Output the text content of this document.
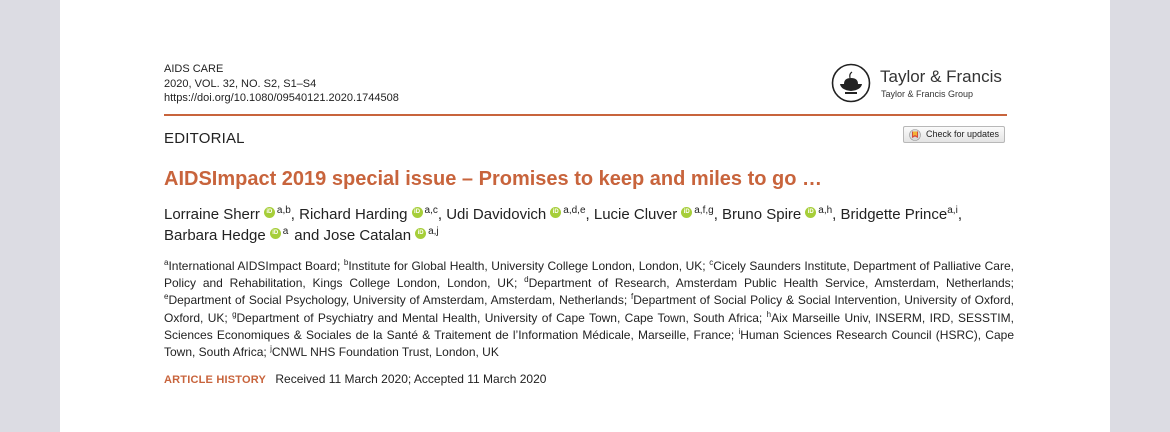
AIDS CARE
2020, VOL. 32, NO. S2, S1–S4
https://doi.org/10.1080/09540121.2020.1744508
Taylor & Francis
Taylor & Francis Group
EDITORIAL	Check for updates
AIDSImpact 2019 special issue – Promises to keep and miles to go …
Lorraine Sherr	iD $^{a,b}$, Richard Harding	iD $^{a,c}$, Udi Davidovich	iD $^{a,d,e}$, Lucie Cluver	iD $^{a,f,g}$, Bruno Spire	iD $^{a,h}$, Bridgette Prince$^{a,i}$, Barbara Hedge	iD $^a$ and Jose Catalan	iD $^{a,j}$
$^a$International AIDSImpact Board; $^b$Institute for Global Health, University College London, London, UK; $^c$Cicely Saunders Institute, Department of Palliative Care, Policy and Rehabilitation, Kings College London, London, UK; $^d$Department of Research, Amsterdam Public Health Service, Amsterdam, Netherlands; $^e$Department of Social Psychology, University of Amsterdam, Amsterdam, Netherlands; $^f$Department of Social Policy & Social Intervention, University of Oxford, Oxford, UK; $^g$Department of Psychiatry and Mental Health, University of Cape Town, Cape Town, South Africa; $^h$Aix Marseille Univ, INSERM, IRD, SESSTIM, Sciences Economiques & Sociales de la Santé & Traitement de l’Information Médicale, Marseille, France; $^i$Human Sciences Research Council (HSRC), Cape Town, South Africa; $^j$CNWL NHS Foundation Trust, London, UK
ARTICLE HISTORY Received 11 March 2020; Accepted 11 March 2020
